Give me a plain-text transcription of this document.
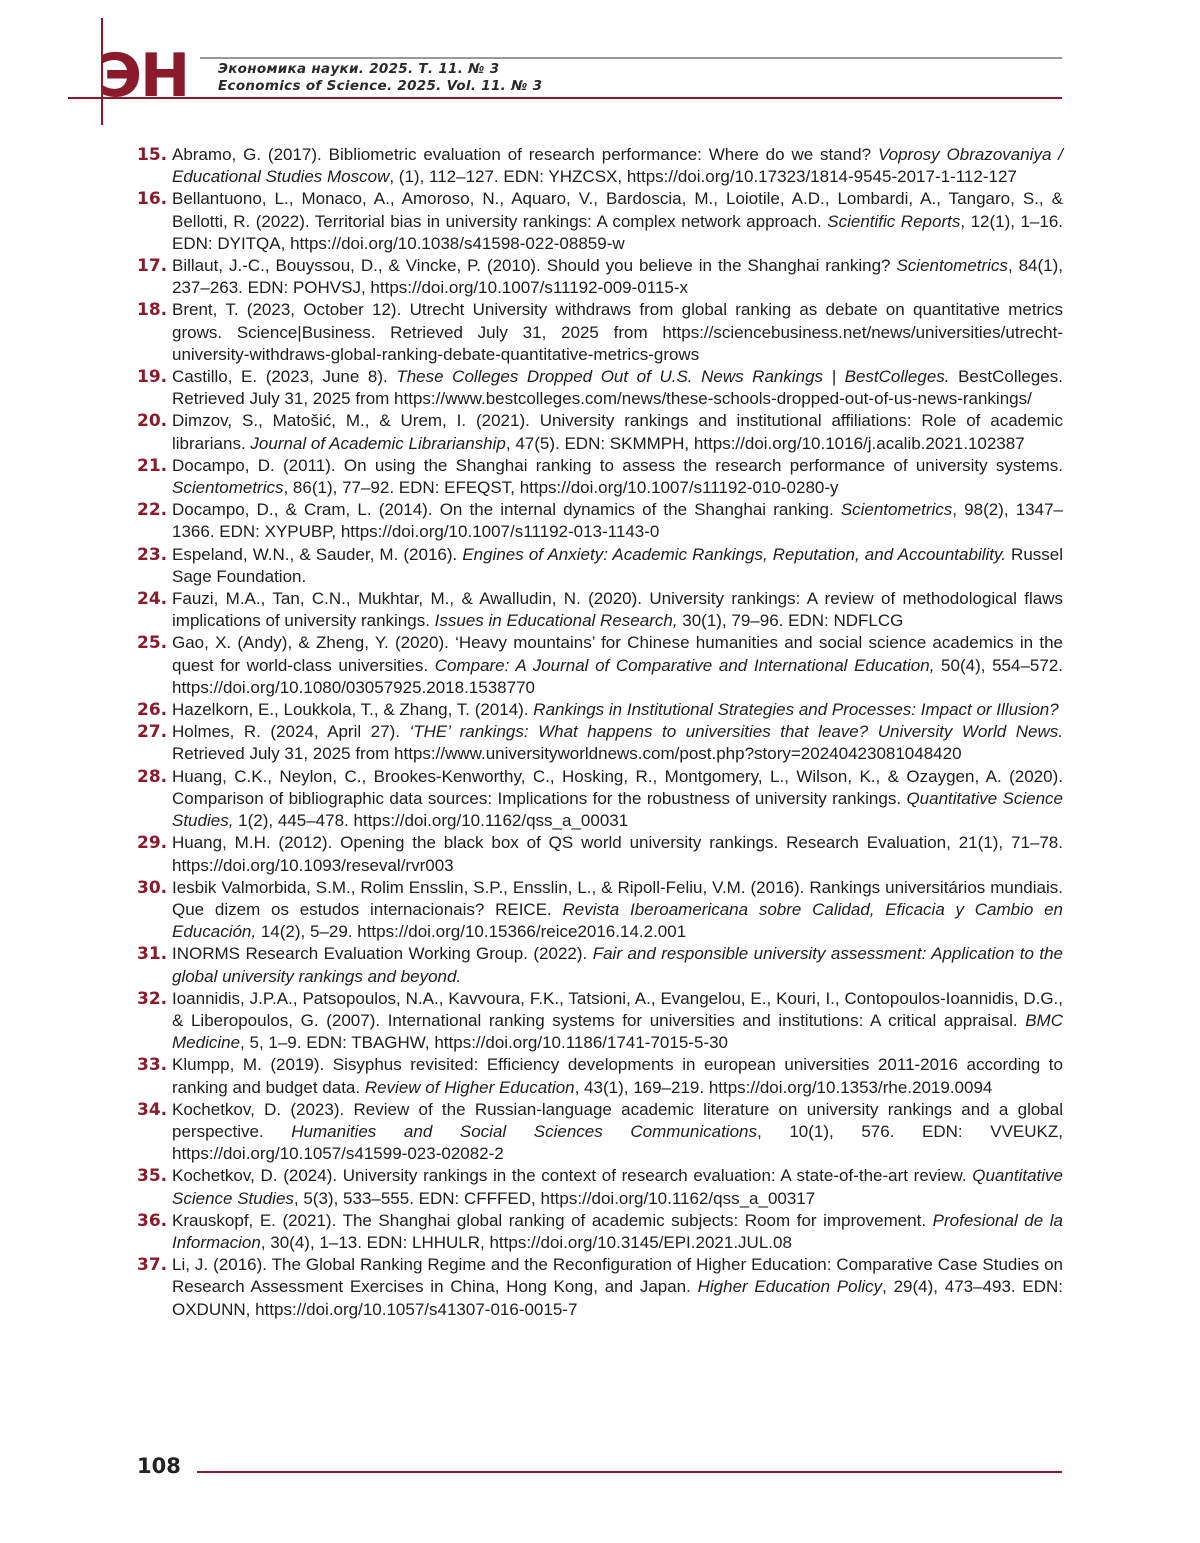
ЭН Экономика науки. 2025. Т. 11. № 3
Economics of Science. 2025. Vol. 11. № 3

15. Abramo, G. (2017). Bibliometric evaluation of research performance: Where do we stand? Voprosy Obrazovaniya / Educational Studies Moscow, (1), 112–127. EDN: YHZCSX, https://doi.org/10.17323/1814-9545-2017-1-112-127

16. Bellantuono, L., Monaco, A., Amoroso, N., Aquaro, V., Bardoscia, M., Loiotile, A.D., Lombardi, A., Tangaro, S., & Bellotti, R. (2022). Territorial bias in university rankings: A complex network approach. Scientific Reports, 12(1), 1–16. EDN: DYITQA, https://doi.org/10.1038/s41598-022-08859-w

17. Billaut, J.-C., Bouyssou, D., & Vincke, P. (2010). Should you believe in the Shanghai ranking? Scientometrics, 84(1), 237–263. EDN: POHVSJ, https://doi.org/10.1007/s11192-009-0115-x

18. Brent, T. (2023, October 12). Utrecht University withdraws from global ranking as debate on quantitative metrics grows. Science|Business. Retrieved July 31, 2025 from https://sciencebusiness.net/news/universities/utrecht-university-withdraws-global-ranking-debate-quantitative-metrics-grows

19. Castillo, E. (2023, June 8). These Colleges Dropped Out of U.S. News Rankings | BestColleges. BestColleges. Retrieved July 31, 2025 from https://www.bestcolleges.com/news/these-schools-dropped-out-of-us-news-rankings/

20. Dimzov, S., Matošić, M., & Urem, I. (2021). University rankings and institutional affiliations: Role of academic librarians. Journal of Academic Librarianship, 47(5). EDN: SKMMPH, https://doi.org/10.1016/j.acalib.2021.102387

21. Docampo, D. (2011). On using the Shanghai ranking to assess the research performance of university systems. Scientometrics, 86(1), 77–92. EDN: EFEQST, https://doi.org/10.1007/s11192-010-0280-y

22. Docampo, D., & Cram, L. (2014). On the internal dynamics of the Shanghai ranking. Scientometrics, 98(2), 1347–1366. EDN: XYPUBP, https://doi.org/10.1007/s11192-013-1143-0

23. Espeland, W.N., & Sauder, M. (2016). Engines of Anxiety: Academic Rankings, Reputation, and Accountability. Russel Sage Foundation.

24. Fauzi, M.A., Tan, C.N., Mukhtar, M., & Awalludin, N. (2020). University rankings: A review of methodological flaws implications of university rankings. Issues in Educational Research, 30(1), 79–96. EDN: NDFLCG

25. Gao, X. (Andy), & Zheng, Y. (2020). ‘Heavy mountains’ for Chinese humanities and social science academics in the quest for world-class universities. Compare: A Journal of Comparative and International Education, 50(4), 554–572. https://doi.org/10.1080/03057925.2018.1538770

26. Hazelkorn, E., Loukkola, T., & Zhang, T. (2014). Rankings in Institutional Strategies and Processes: Impact or Illusion?

27. Holmes, R. (2024, April 27). ‘THE’ rankings: What happens to universities that leave? University World News. Retrieved July 31, 2025 from https://www.universityworldnews.com/post.php?story=20240423081048420

28. Huang, C.K., Neylon, C., Brookes-Kenworthy, C., Hosking, R., Montgomery, L., Wilson, K., & Ozaygen, A. (2020). Comparison of bibliographic data sources: Implications for the robustness of university rankings. Quantitative Science Studies, 1(2), 445–478. https://doi.org/10.1162/qss_a_00031

29. Huang, M.H. (2012). Opening the black box of QS world university rankings. Research Evaluation, 21(1), 71–78. https://doi.org/10.1093/reseval/rvr003

30. Iesbik Valmorbida, S.M., Rolim Ensslin, S.P., Ensslin, L., & Ripoll-Feliu, V.M. (2016). Rankings universitários mundiais. Que dizem os estudos internacionais? REICE. Revista Iberoamericana sobre Calidad, Eficacia y Cambio en Educación, 14(2), 5–29. https://doi.org/10.15366/reice2016.14.2.001

31. INORMS Research Evaluation Working Group. (2022). Fair and responsible university assessment: Application to the global university rankings and beyond.

32. Ioannidis, J.P.A., Patsopoulos, N.A., Kavvoura, F.K., Tatsioni, A., Evangelou, E., Kouri, I., Contopoulos-Ioannidis, D.G., & Liberopoulos, G. (2007). International ranking systems for universities and institutions: A critical appraisal. BMC Medicine, 5, 1–9. EDN: TBAGHW, https://doi.org/10.1186/1741-7015-5-30

33. Klumpp, M. (2019). Sisyphus revisited: Efficiency developments in european universities 2011-2016 according to ranking and budget data. Review of Higher Education, 43(1), 169–219. https://doi.org/10.1353/rhe.2019.0094

34. Kochetkov, D. (2023). Review of the Russian-language academic literature on university rankings and a global perspective. Humanities and Social Sciences Communications, 10(1), 576. EDN: VVEUKZ, https://doi.org/10.1057/s41599-023-02082-2

35. Kochetkov, D. (2024). University rankings in the context of research evaluation: A state-of-the-art review. Quantitative Science Studies, 5(3), 533–555. EDN: CFFFED, https://doi.org/10.1162/qss_a_00317

36. Krauskopf, E. (2021). The Shanghai global ranking of academic subjects: Room for improvement. Profesional de la Informacion, 30(4), 1–13. EDN: LHHULR, https://doi.org/10.3145/EPI.2021.JUL.08

37. Li, J. (2016). The Global Ranking Regime and the Reconfiguration of Higher Education: Comparative Case Studies on Research Assessment Exercises in China, Hong Kong, and Japan. Higher Education Policy, 29(4), 473–493. EDN: OXDUNN, https://doi.org/10.1057/s41307-016-0015-7

108
